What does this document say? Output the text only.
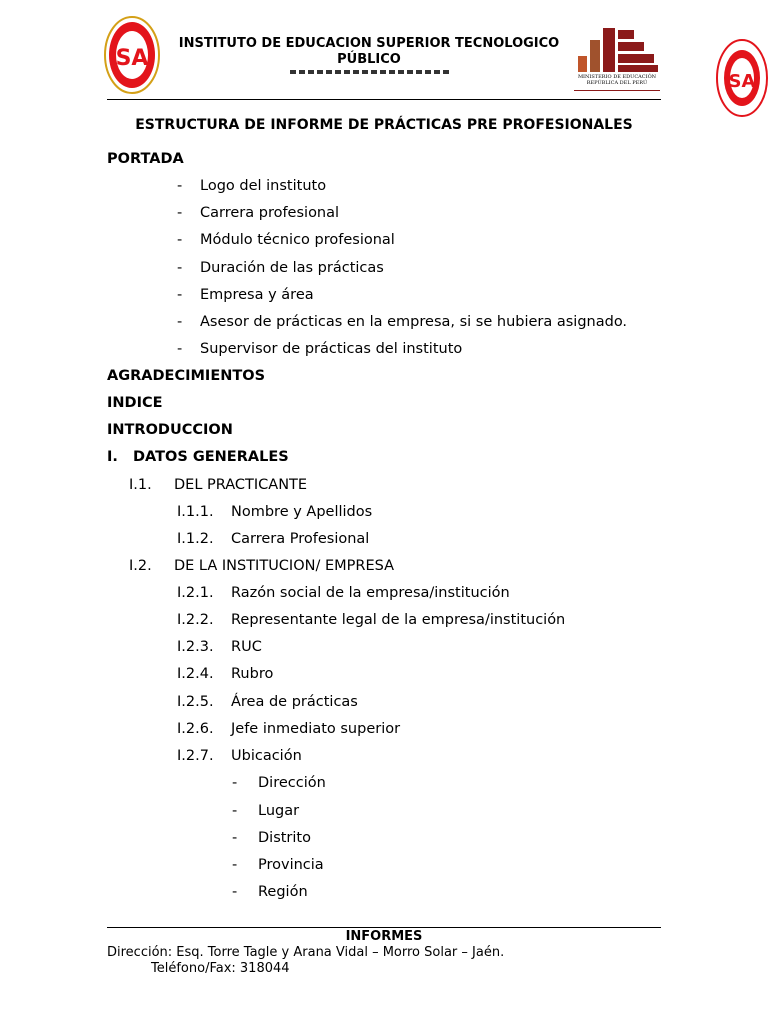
SA
INSTITUTO DE EDUCACION SUPERIOR TECNOLOGICO
PÚBLICO
MINISTERIO DE EDUCACIÓN
REPÚBLICA DEL PERÚ	SA
ESTRUCTURA DE INFORME DE PRÁCTICAS PRE PROFESIONALES
PORTADA
- Logo del instituto
- Carrera profesional
- Módulo técnico profesional
- Duración de las prácticas
- Empresa y área
- Asesor de prácticas en la empresa, si se hubiera asignado.
- Supervisor de prácticas del instituto
AGRADECIMIENTOS
INDICE
INTRODUCCION
I. DATOS GENERALES
I.1. DEL PRACTICANTE
I.1.1. Nombre y Apellidos
I.1.2. Carrera Profesional
I.2. DE LA INSTITUCION/ EMPRESA
I.2.1. Razón social de la empresa/institución
I.2.2. Representante legal de la empresa/institución
I.2.3. RUC
I.2.4. Rubro
I.2.5. Área de prácticas
I.2.6. Jefe inmediato superior
I.2.7. Ubicación
- Dirección
- Lugar
- Distrito
- Provincia
- Región
INFORMES
Dirección: Esq. Torre Tagle y Arana Vidal – Morro Solar – Jaén.
Teléfono/Fax: 318044
